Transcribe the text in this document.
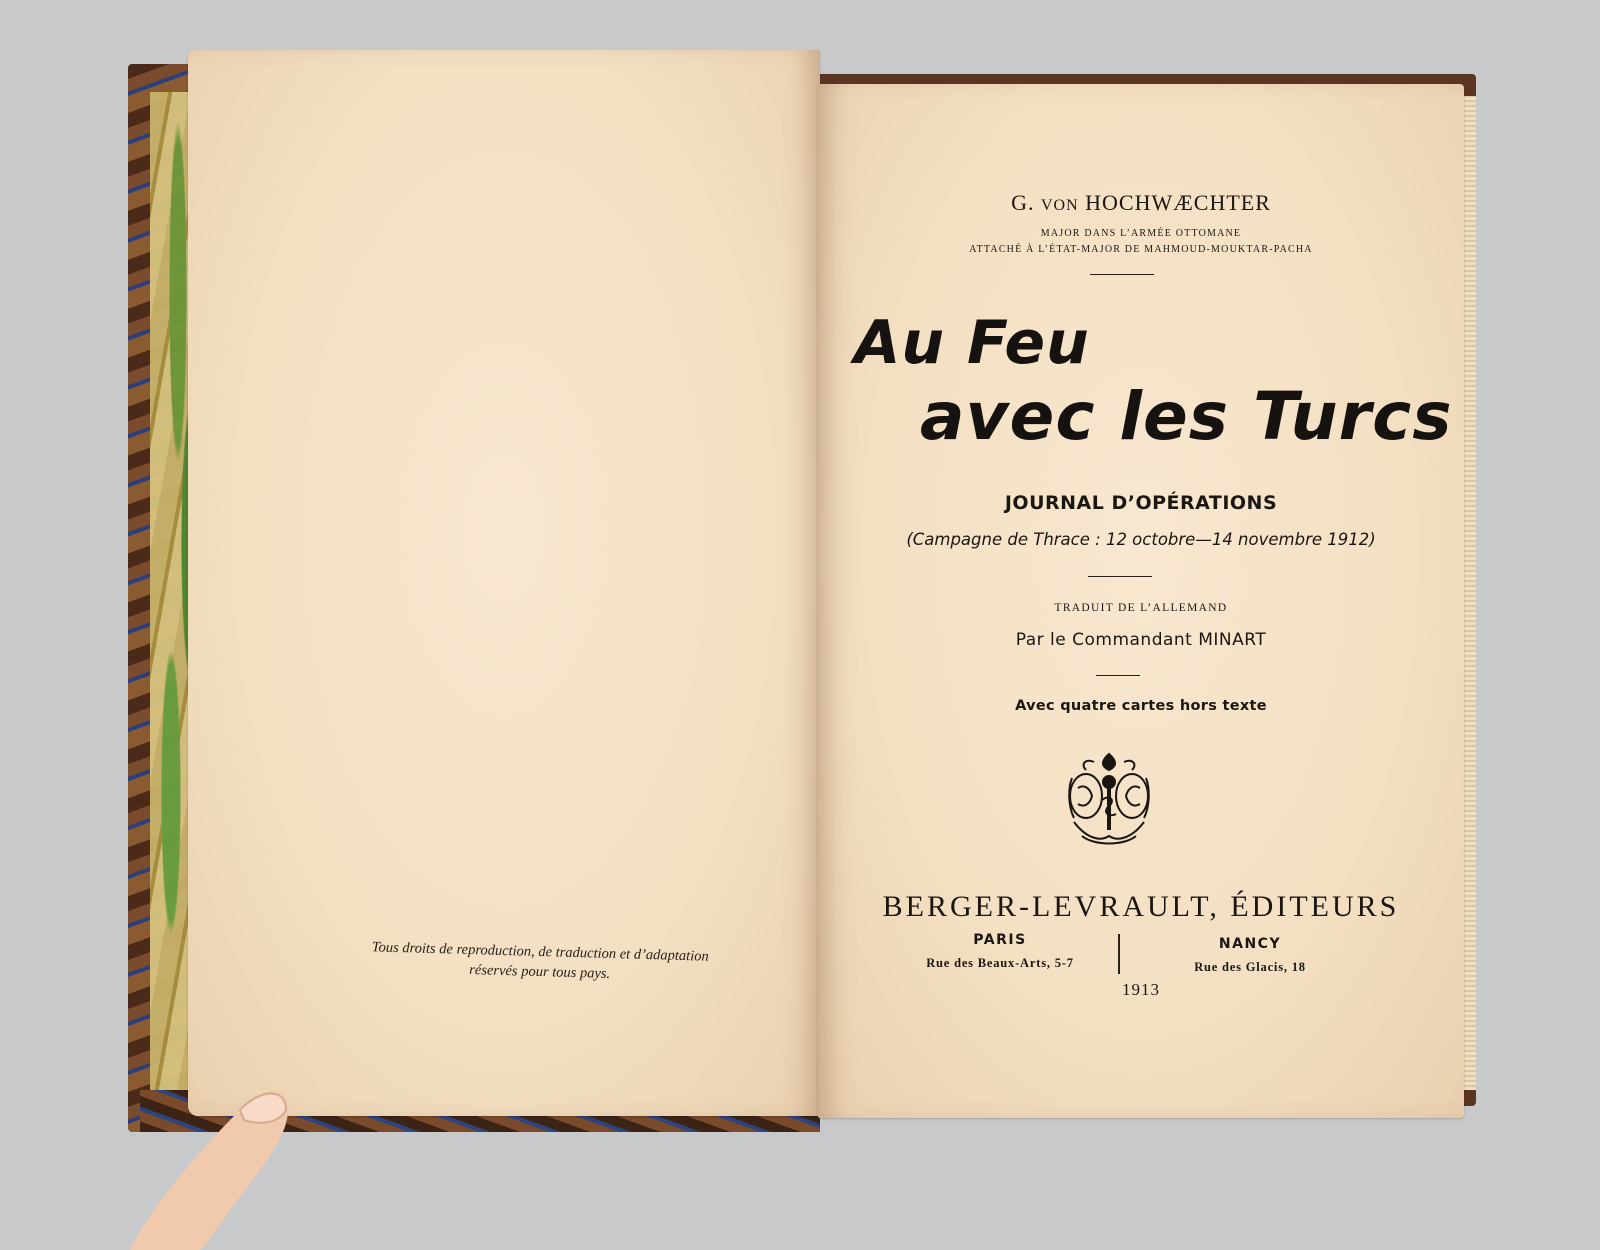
Tous droits de reproduction, de traduction et d’adaptation
réservés pour tous pays.
G. VON HOCHWÆCHTER
MAJOR DANS L’ARMÉE OTTOMANE
ATTACHÉ À L’ÉTAT-MAJOR DE MAHMOUD-MOUKTAR-PACHA
Au Feu
avec les Turcs
JOURNAL D’OPÉRATIONS
(Campagne de Thrace : 12 octobre—14 novembre 1912)
TRADUIT DE L’ALLEMAND
Par le Commandant MINART
Avec quatre cartes hors texte
BERGER-LEVRAULT, ÉDITEURS
PARIS
Rue des Beaux-Arts, 5-7
NANCY
Rue des Glacis, 18
1913
